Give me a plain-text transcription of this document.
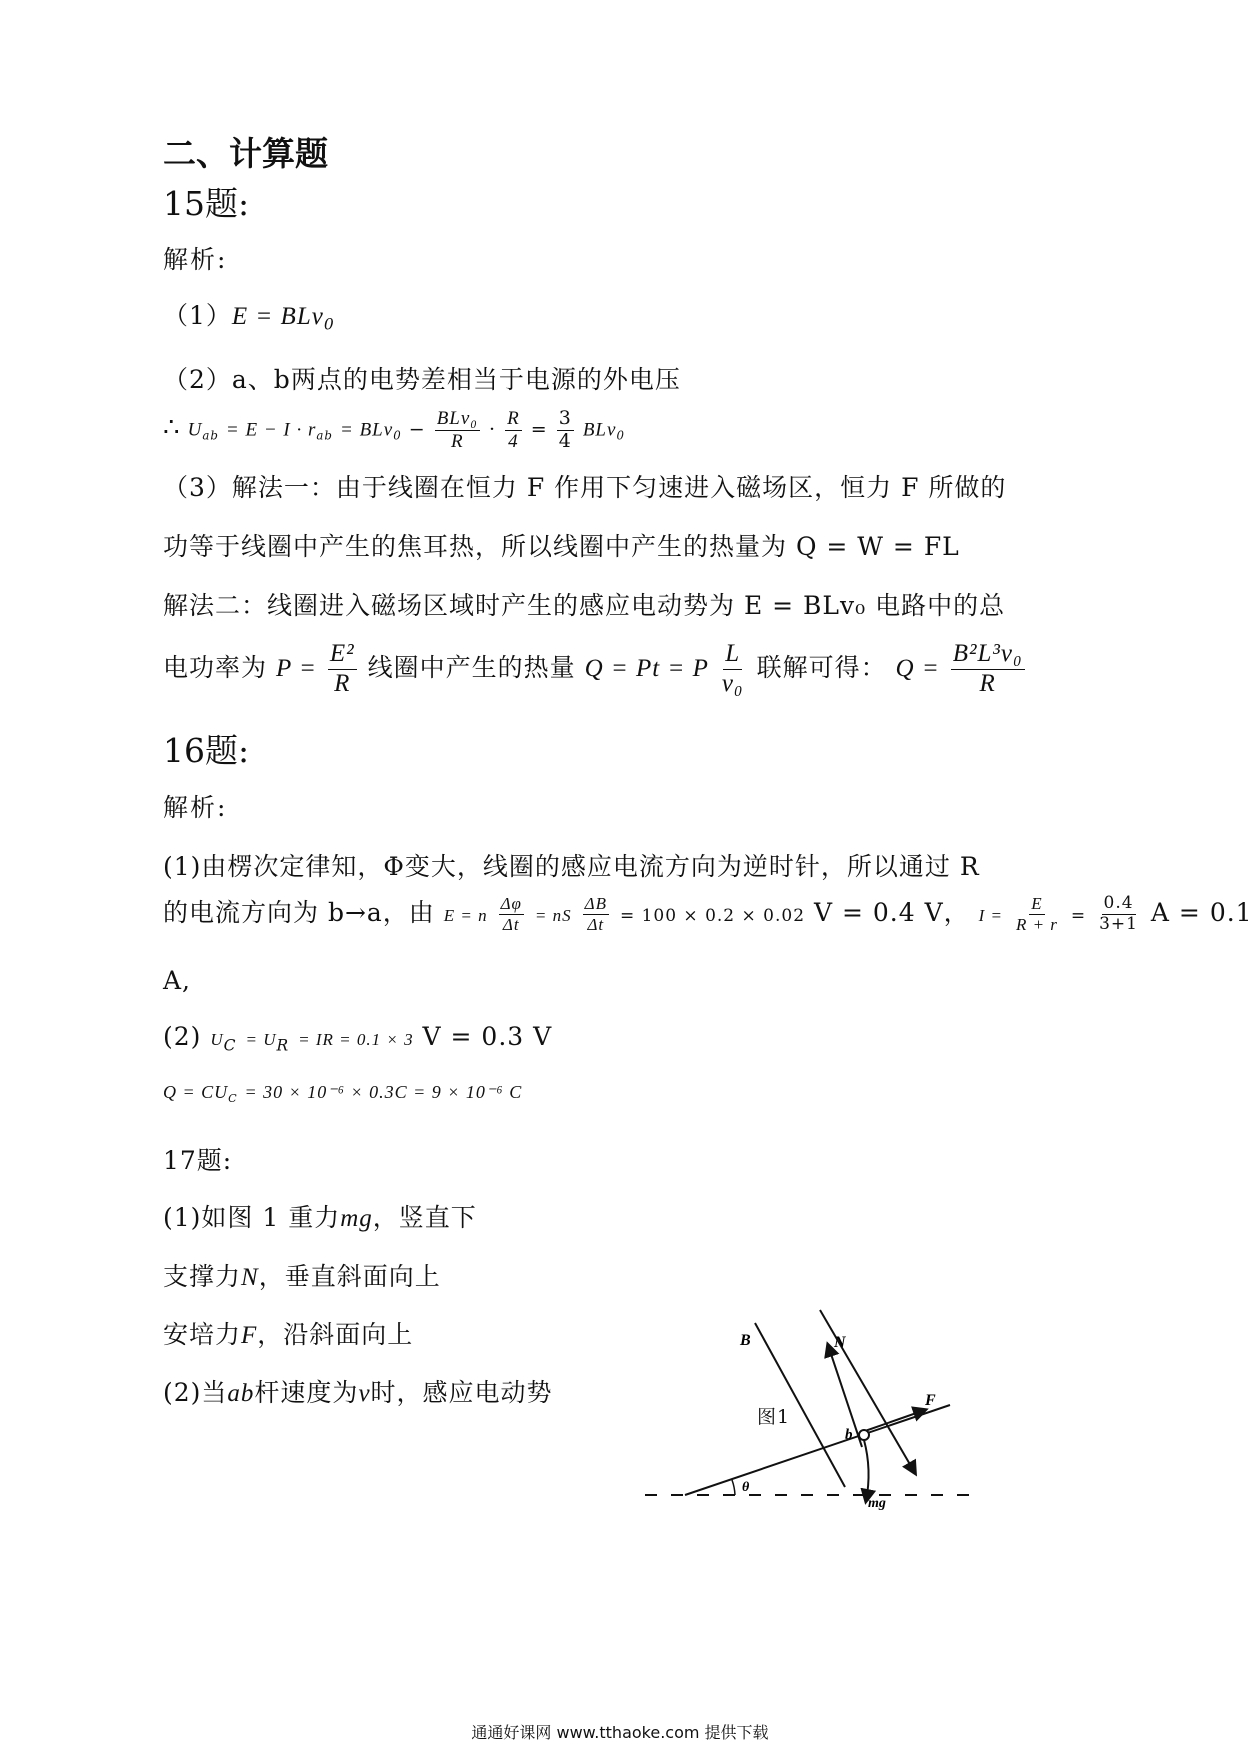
二、计算题
15题:
解析:
（1）E = BLv$_0$
（2）a、b两点的电势差相当于电源的外电压
∴ $U_{ab} = E - I \cdot r_{ab} = BLv_0 - \frac{\text{BLv₀}}{R} \cdot \frac{R}{4} = \frac{3}{4} BLv_0$
（3）解法一：由于线圈在恒力 F 作用下匀速进入磁场区，恒力 F 所做的
功等于线圈中产生的焦耳热，所以线圈中产生的热量为 Q = W = FL
解法二：线圈进入磁场区域时产生的感应电动势为 E = BLv₀ 电路中的总
电功率为 $P = \frac{\text{E²}}{R}$ 线圈中产生的热量 Q = Pt = P $\frac{L}{\text{v₀}}$ 联解可得： $Q = \frac{\text{B²L³v₀}}{R}$
16题:
解析:
(1)由楞次定律知，Φ变大，线圈的感应电流方向为逆时针，所以通过 R
的电流方向为 b→a，由 E = n $\frac{\Delta\varphi}{\Delta t}$ = nS $\frac{\Delta B}{\Delta t} = 100 \times 0.2 \times 0.02$ V = 0.4 V， $I = \frac{E}{R + r} = \frac{0.4}{3+1}$ A = 0.1
A,
(2) $U_C = U_R$ = IR = 0.1 × 3 V = 0.3 V
$Q = CU_C = 30 \times 10^{-6} \times 0.3C = 9 \times 10^{-6}$ C
17题:
(1)如图 1 重力mg，竖直下
支撑力N，垂直斜面向上
安培力F，沿斜面向上
(2)当ab杆速度为v时，感应电动势
θ
B	N
F
b
mg
图1
通通好课网 www.tthaoke.com 提供下载
